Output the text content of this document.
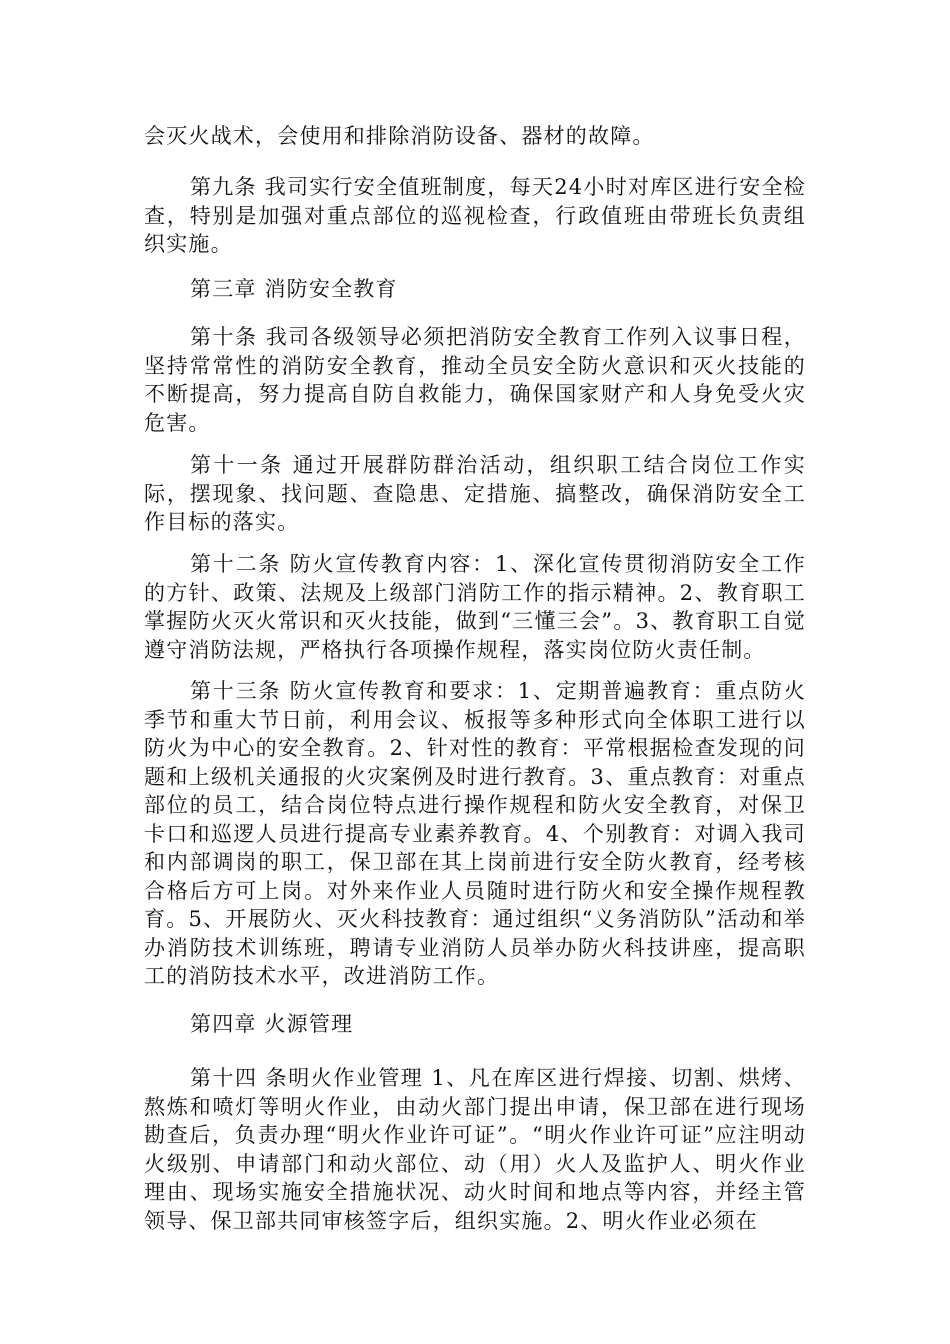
会灭火战术，会使用和排除消防设备、器材的故障。

第九条 我司实行安全值班制度，每天24小时对库区进行安全检查，特别是加强对重点部位的巡视检查，行政值班由带班长负责组织实施。

第三章 消防安全教育

第十条 我司各级领导必须把消防安全教育工作列入议事日程，坚持常常性的消防安全教育，推动全员安全防火意识和灭火技能的不断提高，努力提高自防自救能力，确保国家财产和人身免受火灾危害。

第十一条 通过开展群防群治活动，组织职工结合岗位工作实际，摆现象、找问题、查隐患、定措施、搞整改，确保消防安全工作目标的落实。

第十二条 防火宣传教育内容：1、深化宣传贯彻消防安全工作的方针、政策、法规及上级部门消防工作的指示精神。2、教育职工掌握防火灭火常识和灭火技能，做到“三懂三会”。3、教育职工自觉遵守消防法规，严格执行各项操作规程，落实岗位防火责任制。

第十三条 防火宣传教育和要求：1、定期普遍教育：重点防火季节和重大节日前，利用会议、板报等多种形式向全体职工进行以防火为中心的安全教育。2、针对性的教育：平常根据检查发现的问题和上级机关通报的火灾案例及时进行教育。3、重点教育：对重点部位的员工，结合岗位特点进行操作规程和防火安全教育，对保卫卡口和巡逻人员进行提高专业素养教育。4、个别教育：对调入我司和内部调岗的职工，保卫部在其上岗前进行安全防火教育，经考核合格后方可上岗。对外来作业人员随时进行防火和安全操作规程教育。5、开展防火、灭火科技教育：通过组织“义务消防队”活动和举办消防技术训练班，聘请专业消防人员举办防火科技讲座，提高职工的消防技术水平，改进消防工作。

第四章 火源管理

第十四 条明火作业管理 1、凡在库区进行焊接、切割、烘烤、熬炼和喷灯等明火作业，由动火部门提出申请，保卫部在进行现场勘查后，负责办理“明火作业许可证”。“明火作业许可证”应注明动火级别、申请部门和动火部位、动（用）火人及监护人、明火作业理由、现场实施安全措施状况、动火时间和地点等内容，并经主管领导、保卫部共同审核签字后，组织实施。2、明火作业必须在
